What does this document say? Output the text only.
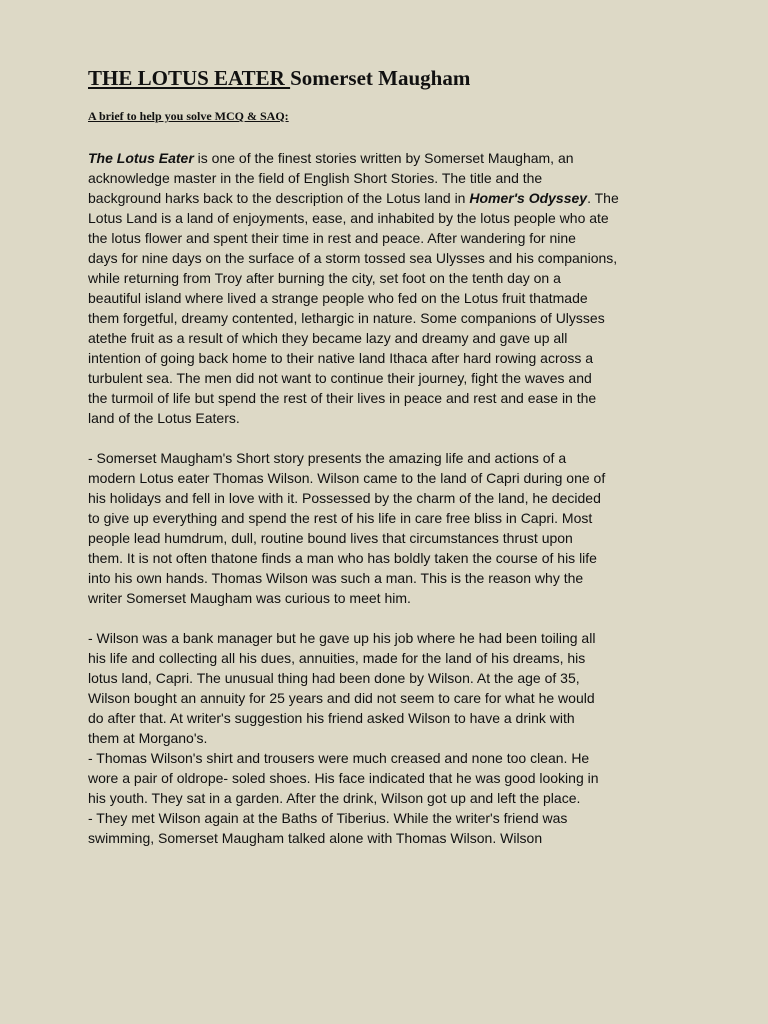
THE LOTUS EATER Somerset Maugham

A brief to help you solve MCQ & SAQ:

The Lotus Eater is one of the finest stories written by Somerset Maugham, an
acknowledge master in the field of English Short Stories. The title and the
background harks back to the description of the Lotus land in Homer's Odyssey. The
Lotus Land is a land of enjoyments, ease, and inhabited by the lotus people who ate
the lotus flower and spent their time in rest and peace. After wandering for nine
days for nine days on the surface of a storm tossed sea Ulysses and his companions,
while returning from Troy after burning the city, set foot on the tenth day on a
beautiful island where lived a strange people who fed on the Lotus fruit thatmade
them forgetful, dreamy contented, lethargic in nature. Some companions of Ulysses
atethe fruit as a result of which they became lazy and dreamy and gave up all
intention of going back home to their native land Ithaca after hard rowing across a
turbulent sea. The men did not want to continue their journey, fight the waves and
the turmoil of life but spend the rest of their lives in peace and rest and ease in the
land of the Lotus Eaters.

- Somerset Maugham's Short story presents the amazing life and actions of a
modern Lotus eater Thomas Wilson. Wilson came to the land of Capri during one of
his holidays and fell in love with it. Possessed by the charm of the land, he decided
to give up everything and spend the rest of his life in care free bliss in Capri. Most
people lead humdrum, dull, routine bound lives that circumstances thrust upon
them. It is not often thatone finds a man who has boldly taken the course of his life
into his own hands. Thomas Wilson was such a man. This is the reason why the
writer Somerset Maugham was curious to meet him.

- Wilson was a bank manager but he gave up his job where he had been toiling all
his life and collecting all his dues, annuities, made for the land of his dreams, his
lotus land, Capri. The unusual thing had been done by Wilson. At the age of 35,
Wilson bought an annuity for 25 years and did not seem to care for what he would
do after that. At writer's suggestion his friend asked Wilson to have a drink with
them at Morgano's.
- Thomas Wilson's shirt and trousers were much creased and none too clean. He
wore a pair of oldrope- soled shoes. His face indicated that he was good looking in
his youth. They sat in a garden. After the drink, Wilson got up and left the place.
- They met Wilson again at the Baths of Tiberius. While the writer's friend was
swimming, Somerset Maugham talked alone with Thomas Wilson. Wilson
